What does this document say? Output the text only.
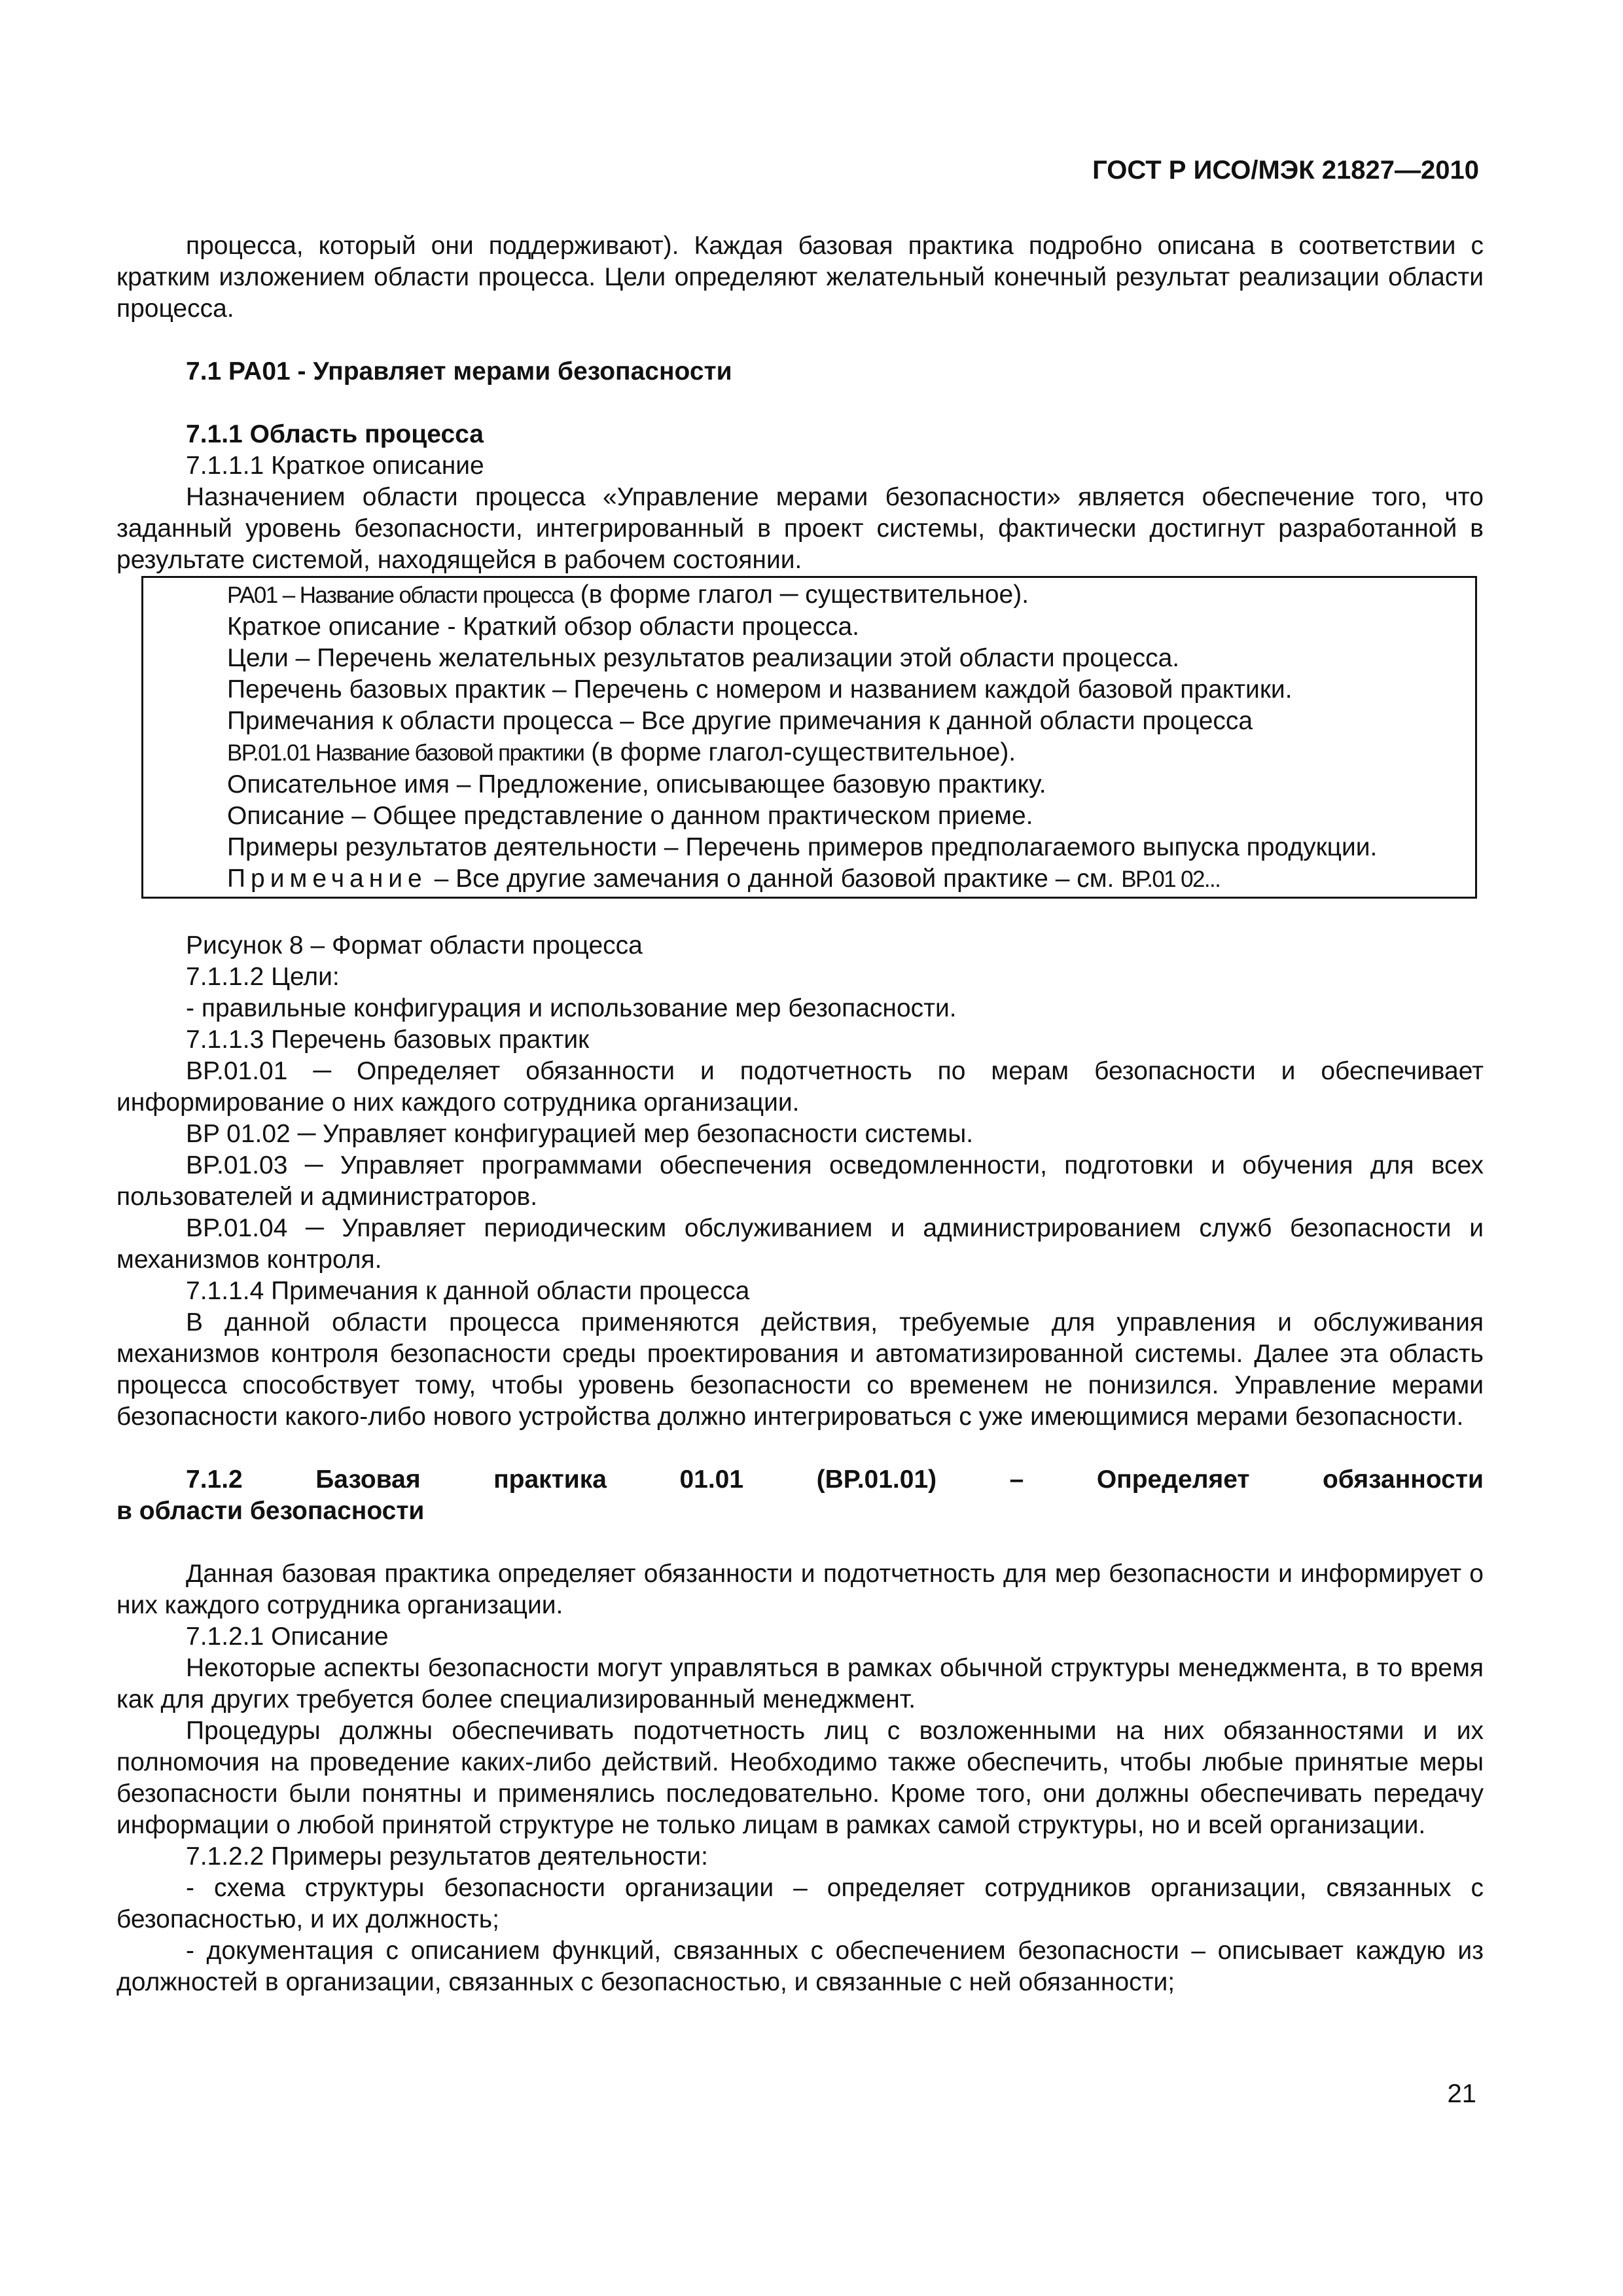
ГОСТ Р ИСО/МЭК 21827—2010

процесса, который они поддерживают). Каждая базовая практика подробно описана в соответствии с кратким изложением области процесса. Цели определяют желательный конечный результат реализации области процесса.

7.1 PA01 - Управляет мерами безопасности

7.1.1 Область процесса

7.1.1.1 Краткое описание

Назначением области процесса «Управление мерами безопасности» является обеспечение того, что заданный уровень безопасности, интегрированный в проект системы, фактически достигнут разработанной в результате системой, находящейся в рабочем состоянии.

PA01 – Название области процесса (в форме глагол ─ существительное).

Краткое описание - Краткий обзор области процесса.

Цели – Перечень желательных результатов реализации этой области процесса.

Перечень базовых практик – Перечень с номером и названием каждой базовой практики.

Примечания к области процесса – Все другие примечания к данной области процесса

BP.01.01 Название базовой практики (в форме глагол-существительное).

Описательное имя – Предложение, описывающее базовую практику.

Описание – Общее представление о данном практическом приеме.

Примеры результатов деятельности – Перечень примеров предполагаемого выпуска продукции.

Примечание – Все другие замечания о данной базовой практике – см. BP.01 02...

Рисунок 8 – Формат области процесса

7.1.1.2 Цели:

- правильные конфигурация и использование мер безопасности.

7.1.1.3 Перечень базовых практик

BP.01.01 ─ Определяет обязанности и подотчетность по мерам безопасности и обеспечивает информирование о них каждого сотрудника организации.

BP 01.02 ─ Управляет конфигурацией мер безопасности системы.

BP.01.03 ─ Управляет программами обеспечения осведомленности, подготовки и обучения для всех пользователей и администраторов.

BP.01.04 ─ Управляет периодическим обслуживанием и администрированием служб безопасности и механизмов контроля.

7.1.1.4 Примечания к данной области процесса

В данной области процесса применяются действия, требуемые для управления и обслуживания механизмов контроля безопасности среды проектирования и автоматизированной системы. Далее эта область процесса способствует тому, чтобы уровень безопасности со временем не понизился. Управление мерами безопасности какого-либо нового устройства должно интегрироваться с уже имеющимися мерами безопасности.

7.1.2	Базовая	практика	01.01	(BP.01.01)	–	Определяет	обязанности

в области безопасности

Данная базовая практика определяет обязанности и подотчетность для мер безопасности и информирует о них каждого сотрудника организации.

7.1.2.1 Описание

Некоторые аспекты безопасности могут управляться в рамках обычной структуры менеджмента, в то время как для других требуется более специализированный менеджмент.

Процедуры должны обеспечивать подотчетность лиц с возложенными на них обязанностями и их полномочия на проведение каких-либо действий. Необходимо также обеспечить, чтобы любые принятые меры безопасности были понятны и применялись последовательно. Кроме того, они должны обеспечивать передачу информации о любой принятой структуре не только лицам в рамках самой структуры, но и всей организации.

7.1.2.2 Примеры результатов деятельности:

- схема структуры безопасности организации – определяет сотрудников организации, связанных с безопасностью, и их должность;

- документация с описанием функций, связанных с обеспечением безопасности – описывает каждую из должностей в организации, связанных с безопасностью, и связанные с ней обязанности;

21
